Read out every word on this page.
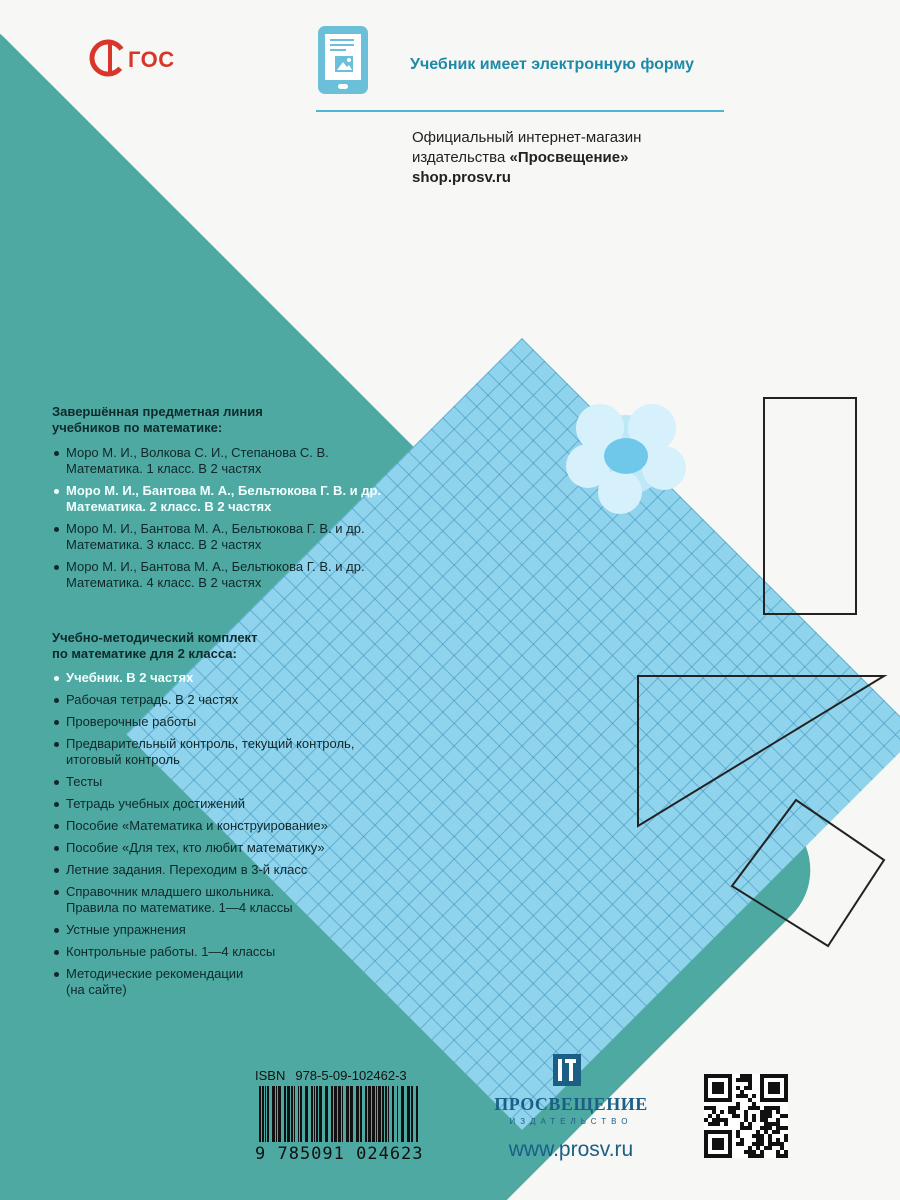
ГОС	Учебник имеет электронную форму
Официальный интернет-магазин
издательства «Просвещение»
shop.prosv.ru
Завершённая предметная линия
учебников по математике:
Моро М. И., Волкова С. И., Степанова С. В.
Математика. 1 класс. В 2 частях
Моро М. И., Бантова М. А., Бельтюкова Г. В. и др.
Математика. 2 класс. В 2 частях
Моро М. И., Бантова М. А., Бельтюкова Г. В. и др.
Математика. 3 класс. В 2 частях
Моро М. И., Бантова М. А., Бельтюкова Г. В. и др.
Математика. 4 класс. В 2 частях
Учебно-методический комплект
по математике для 2 класса:
Учебник. В 2 частях
Рабочая тетрадь. В 2 частях
Проверочные работы
Предварительный контроль, текущий контроль,
итоговый контроль
Тесты
Тетрадь учебных достижений
Пособие «Математика и конструирование»
Пособие «Для тех, кто любит математику»
Летние задания. Переходим в 3-й класс
Справочник младшего школьника.
Правила по математике. 1—4 классы
Устные упражнения
Контрольные работы. 1—4 классы
Методические рекомендации
(на сайте)
ISBN 978-5-09-102462-3
9 785091 024623
ПРОСВЕЩЕНИЕ
ИЗДАТЕЛЬСТВО
www.prosv.ru
